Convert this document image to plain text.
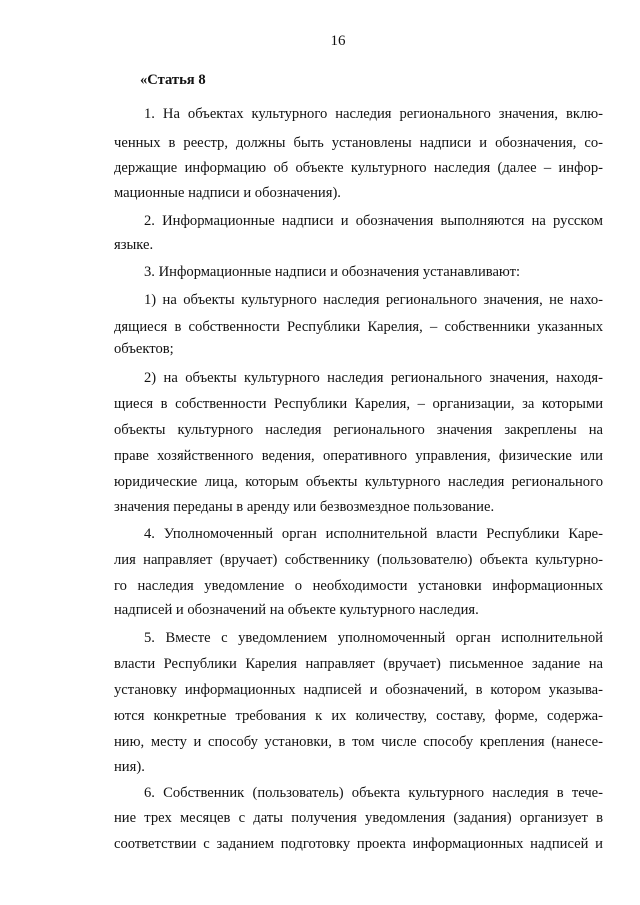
16
«Статья 8
1. На объектах культурного наследия регионального значения, вклю-
ченных в реестр, должны быть установлены надписи и обозначения, со-
держащие информацию об объекте культурного наследия (далее – инфор-
мационные надписи и обозначения).
2. Информационные надписи и обозначения выполняются на русском
языке.
3. Информационные надписи и обозначения устанавливают:
1) на объекты культурного наследия регионального значения, не нахо-
дящиеся в собственности Республики Карелия, – собственники указанных
объектов;
2) на объекты культурного наследия регионального значения, находя-
щиеся в собственности Республики Карелия, – организации, за которыми
объекты культурного наследия регионального значения закреплены на
праве хозяйственного ведения, оперативного управления, физические или
юридические лица, которым объекты культурного наследия регионального
значения переданы в аренду или безвозмездное пользование.
4. Уполномоченный орган исполнительной власти Республики Каре-
лия направляет (вручает) собственнику (пользователю) объекта культурно-
го наследия уведомление о необходимости установки информационных
надписей и обозначений на объекте культурного наследия.
5. Вместе с уведомлением уполномоченный орган исполнительной
власти Республики Карелия направляет (вручает) письменное задание на
установку информационных надписей и обозначений, в котором указыва-
ются конкретные требования к их количеству, составу, форме, содержа-
нию, месту и способу установки, в том числе способу крепления (нанесе-
ния).
6. Собственник (пользователь) объекта культурного наследия в тече-
ние трех месяцев с даты получения уведомления (задания) организует в
соответствии с заданием подготовку проекта информационных надписей и
